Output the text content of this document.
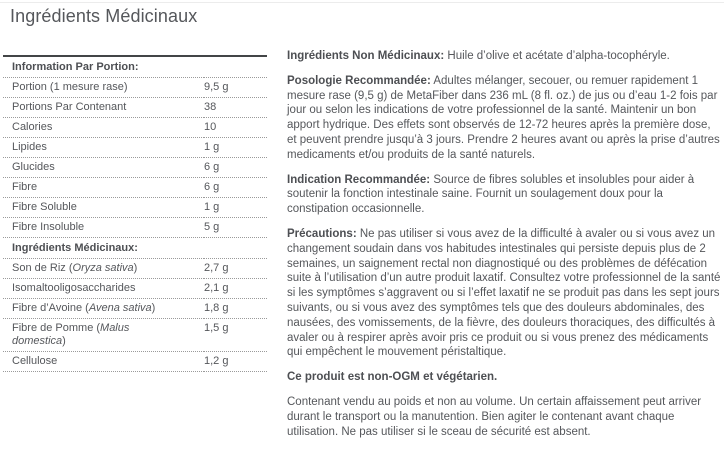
Ingrédients Médicinaux
Information Par Portion:	
Portion (1 mesure rase)	9,5 g
Portions Par Contenant	38
Calories	10
Lipides	1 g
Glucides	6 g
Fibre	6 g
Fibre Soluble	1 g
Fibre Insoluble	5 g
Ingrédients Médicinaux:	
Son de Riz (Oryza sativa)	2,7 g
Isomaltooligosaccharides	2,1 g
Fibre d’Avoine (Avena sativa)	1,8 g
Fibre de Pomme (Malus domestica)	1,5 g
Cellulose	1,2 g

Ingrédients Non Médicinaux: Huile d’olive et acétate d’alpha-tocophéryle.

Posologie Recommandée: Adultes mélanger, secouer, ou remuer rapidement 1 mesure rase (9,5 g) de MetaFiber dans 236 mL (8 fl. oz.) de jus ou d’eau 1-2 fois par jour ou selon les indications de votre professionnel de la santé. Maintenir un bon apport hydrique. Des effets sont observés de 12-72 heures après la première dose, et peuvent prendre jusqu’à 3 jours. Prendre 2 heures avant ou après la prise d’autres medicaments et/ou produits de la santé naturels.

Indication Recommandée: Source de fibres solubles et insolubles pour aider à soutenir la fonction intestinale saine. Fournit un soulagement doux pour la constipation occasionnelle.

Précautions: Ne pas utiliser si vous avez de la difficulté à avaler ou si vous avez un changement soudain dans vos habitudes intestinales qui persiste depuis plus de 2 semaines, un saignement rectal non diagnostiqué ou des problèmes de défécation suite à l’utilisation d’un autre produit laxatif. Consultez votre professionnel de la santé si les symptômes s’aggravent ou si l’effet laxatif ne se produit pas dans les sept jours suivants, ou si vous avez des symptômes tels que des douleurs abdominales, des nausées, des vomissements, de la fièvre, des douleurs thoraciques, des difficultés à avaler ou à respirer après avoir pris ce produit ou si vous prenez des médicaments qui empêchent le mouvement péristaltique.

Ce produit est non-OGM et végétarien.

Contenant vendu au poids et non au volume. Un certain affaissement peut arriver durant le transport ou la manutention. Bien agiter le contenant avant chaque utilisation. Ne pas utiliser si le sceau de sécurité est absent.
